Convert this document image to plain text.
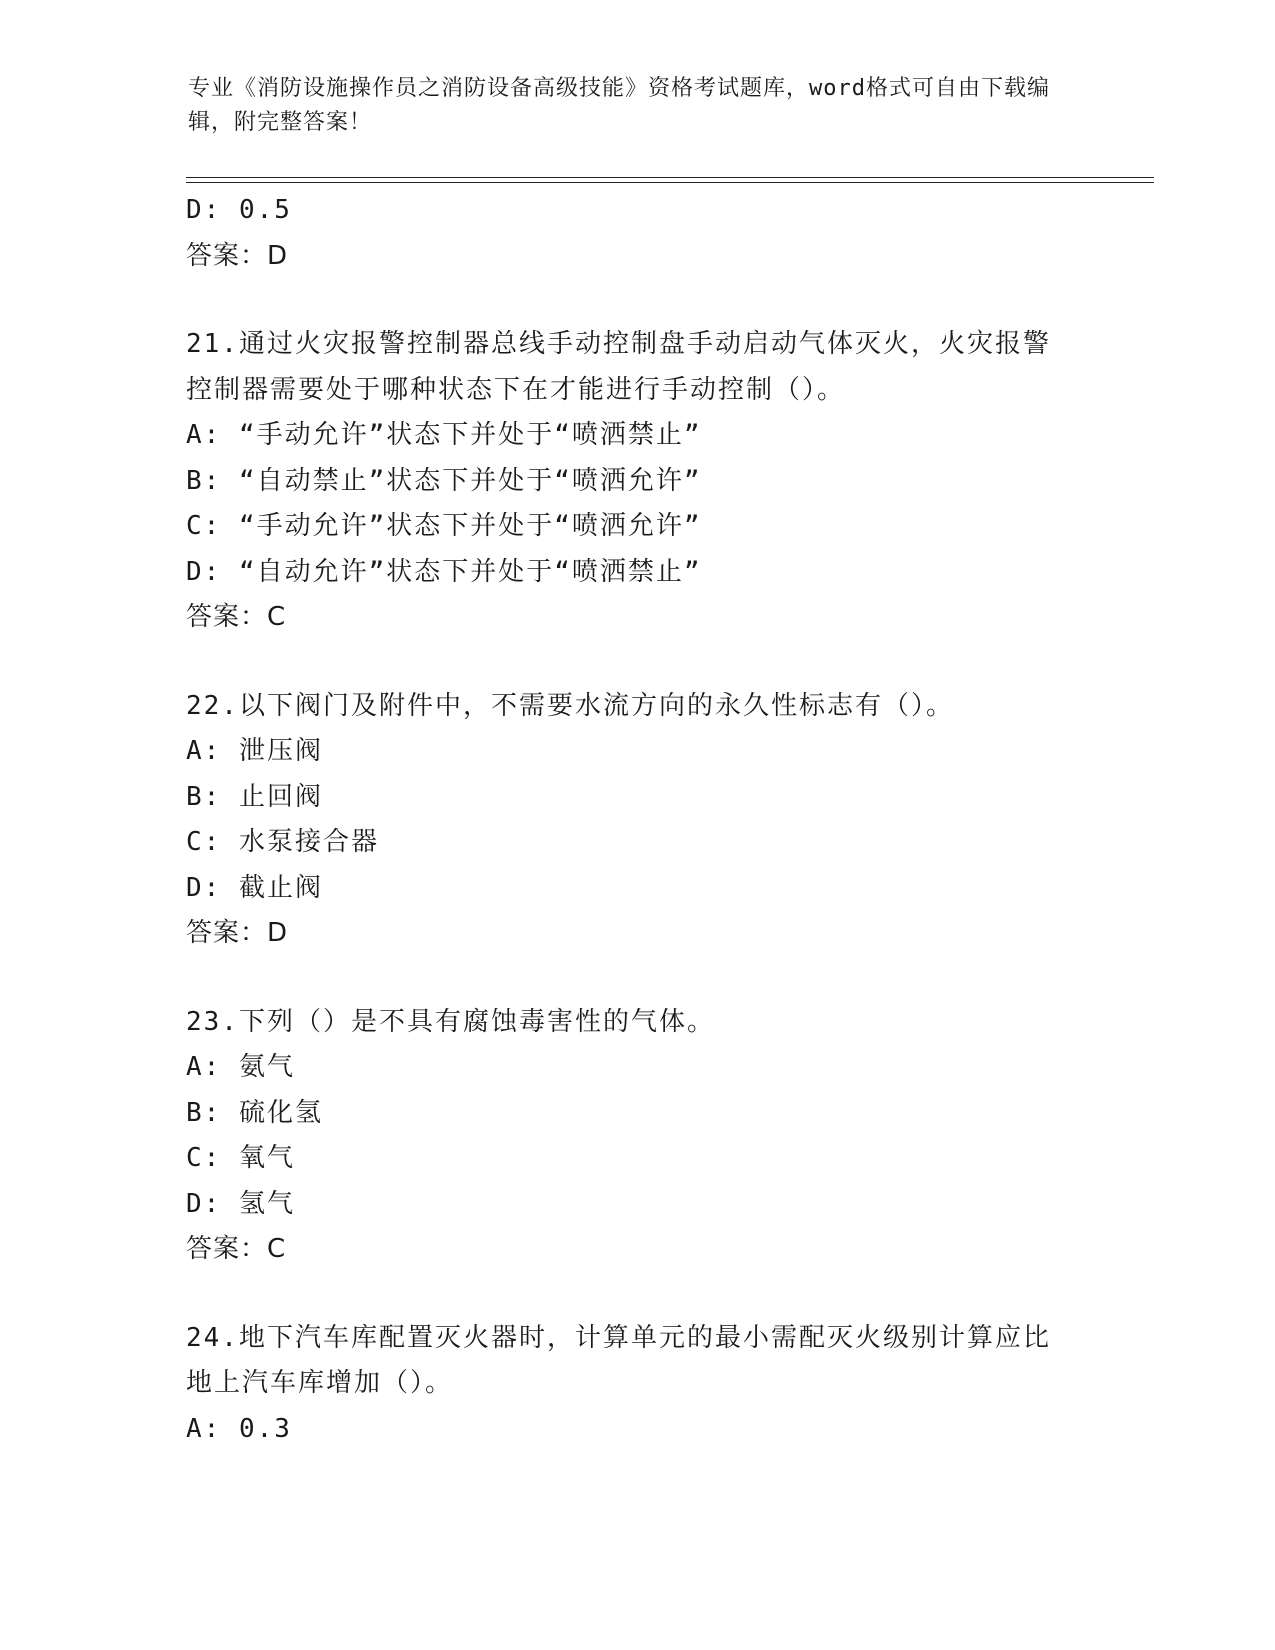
专业《消防设施操作员之消防设备高级技能》资格考试题库，word格式可自由下载编辑，附完整答案！
D: 0.5
答案：D
21.通过火灾报警控制器总线手动控制盘手动启动气体灭火，火灾报警控制器需要处于哪种状态下在才能进行手动控制（）。
A: “手动允许”状态下并处于“喷洒禁止”
B: “自动禁止”状态下并处于“喷洒允许”
C: “手动允许”状态下并处于“喷洒允许”
D: “自动允许”状态下并处于“喷洒禁止”
答案：C
22.以下阀门及附件中，不需要水流方向的永久性标志有（）。
A: 泄压阀
B: 止回阀
C: 水泵接合器
D: 截止阀
答案：D
23.下列（）是不具有腐蚀毒害性的气体。
A: 氨气
B: 硫化氢
C: 氧气
D: 氢气
答案：C
24.地下汽车库配置灭火器时，计算单元的最小需配灭火级别计算应比地上汽车库增加（）。
A: 0.3
